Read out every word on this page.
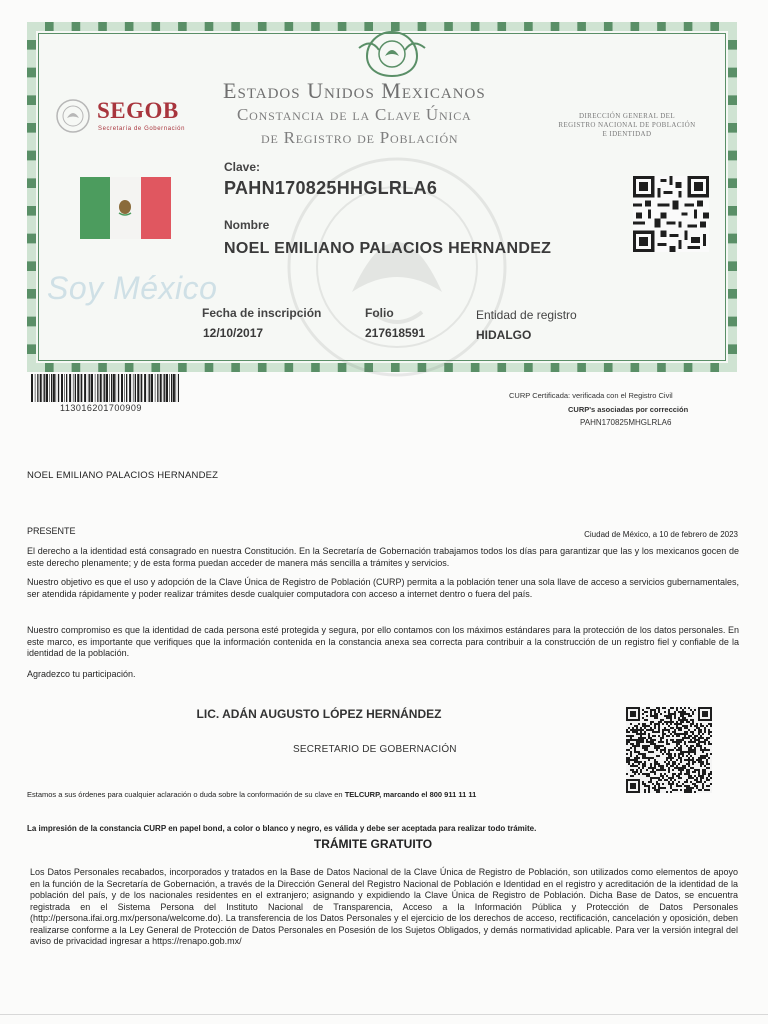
SEGOB
Secretaría de Gobernación
Estados Unidos Mexicanos
Constancia de la Clave Única
de Registro de Población
DIRECCIÓN GENERAL DEL
REGISTRO NACIONAL DE POBLACIÓN
E IDENTIDAD
Clave:
PAHN170825HHGLRLA6
Nombre
NOEL EMILIANO PALACIOS HERNANDEZ
Soy México
Fecha de inscripción
12/10/2017
Folio
217618591
Entidad de registro
HIDALGO
113016201700909
CURP Certificada: verificada con el Registro Civil
CURP's asociadas por corrección
PAHN170825MHGLRLA6
NOEL EMILIANO PALACIOS HERNANDEZ
PRESENTE	Ciudad de México, a 10 de febrero de 2023
El derecho a la identidad está consagrado en nuestra Constitución. En la Secretaría de Gobernación trabajamos todos los días para garantizar que las y los mexicanos gocen de este derecho plenamente; y de esta forma puedan acceder de manera más sencilla a trámites y servicios.
Nuestro objetivo es que el uso y adopción de la Clave Única de Registro de Población (CURP) permita a la población tener una sola llave de acceso a servicios gubernamentales, ser atendida rápidamente y poder realizar trámites desde cualquier computadora con acceso a internet dentro o fuera del país.
Nuestro compromiso es que la identidad de cada persona esté protegida y segura, por ello contamos con los máximos estándares para la protección de los datos personales. En este marco, es importante que verifiques que la información contenida en la constancia anexa sea correcta para contribuir a la construcción de un registro fiel y confiable de la identidad de la población.
Agradezco tu participación.
LIC. ADÁN AUGUSTO LÓPEZ HERNÁNDEZ
SECRETARIO DE GOBERNACIÓN
Estamos a sus órdenes para cualquier aclaración o duda sobre la conformación de su clave en TELCURP, marcando el 800 911 11 11
La impresión de la constancia CURP en papel bond, a color o blanco y negro, es válida y debe ser aceptada para realizar todo trámite.
TRÁMITE GRATUITO
Los Datos Personales recabados, incorporados y tratados en la Base de Datos Nacional de la Clave Única de Registro de Población, son utilizados como elementos de apoyo en la función de la Secretaría de Gobernación, a través de la Dirección General del Registro Nacional de Población e Identidad en el registro y acreditación de la identidad de la población del país, y de los nacionales residentes en el extranjero; asignando y expidiendo la Clave Única de Registro de Población. Dicha Base de Datos, se encuentra registrada en el Sistema Persona del Instituto Nacional de Transparencia, Acceso a la Información Pública y Protección de Datos Personales (http://persona.ifai.org.mx/persona/welcome.do). La transferencia de los Datos Personales y el ejercicio de los derechos de acceso, rectificación, cancelación y oposición, deben realizarse conforme a la Ley General de Protección de Datos Personales en Posesión de los Sujetos Obligados, y demás normatividad aplicable. Para ver la versión integral del aviso de privacidad ingresar a https://renapo.gob.mx/
